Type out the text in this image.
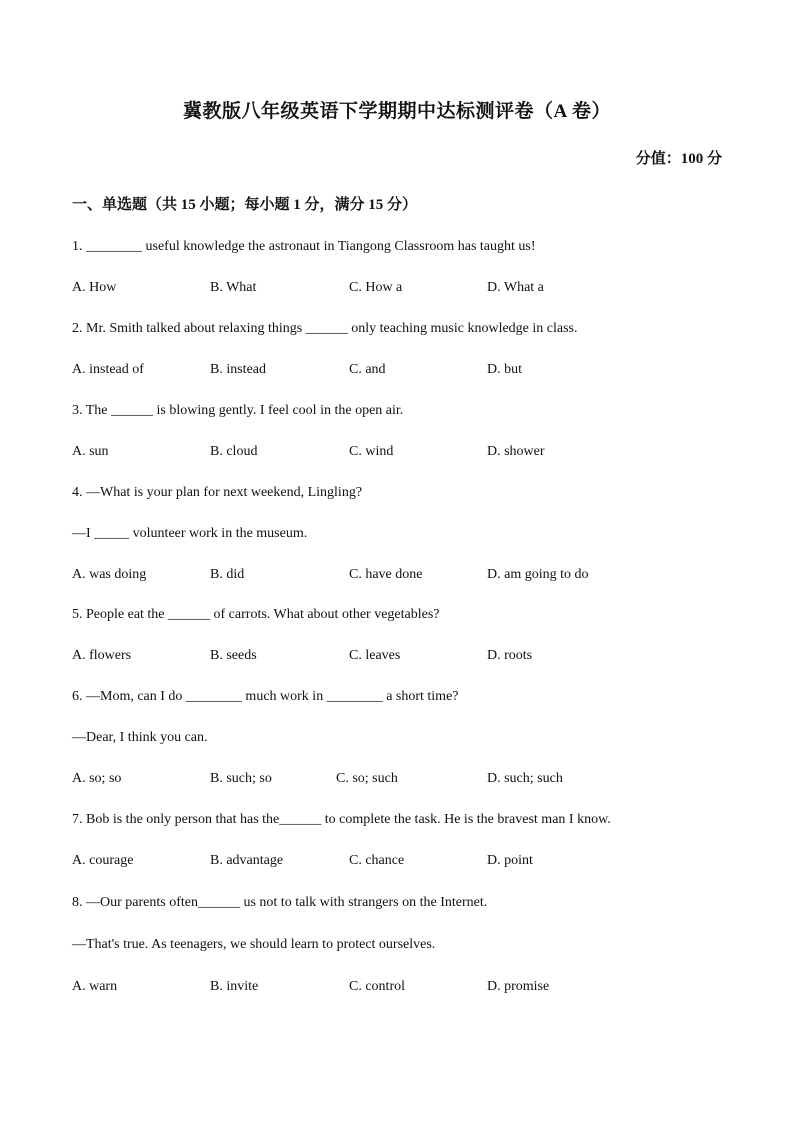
冀教版八年级英语下学期期中达标测评卷（A 卷）
分值：100 分
一、单选题（共 15 小题；每小题 1 分，满分 15 分）
1. ________ useful knowledge the astronaut in Tiangong Classroom has taught us!
A. How	B. What	C. How a	D. What a
2. Mr. Smith talked about relaxing things ______ only teaching music knowledge in class.
A. instead of	B. instead	C. and	D. but
3. The ______ is blowing gently. I feel cool in the open air.
A. sun	B. cloud	C. wind	D. shower
4. —What is your plan for next weekend, Lingling?
—I _____ volunteer work in the museum.
A. was doing	B. did	C. have done	D. am going to do
5. People eat the ______ of carrots. What about other vegetables?
A. flowers	B. seeds	C. leaves	D. roots
6. —Mom, can I do ________ much work in ________ a short time?
—Dear, I think you can.
A. so; so	B. such; so	C. so; such	D. such; such
7. Bob is the only person that has the______ to complete the task. He is the bravest man I know.
A. courage	B. advantage	C. chance	D. point
8. —Our parents often______ us not to talk with strangers on the Internet.
—That's true. As teenagers, we should learn to protect ourselves.
A. warn	B. invite	C. control	D. promise
